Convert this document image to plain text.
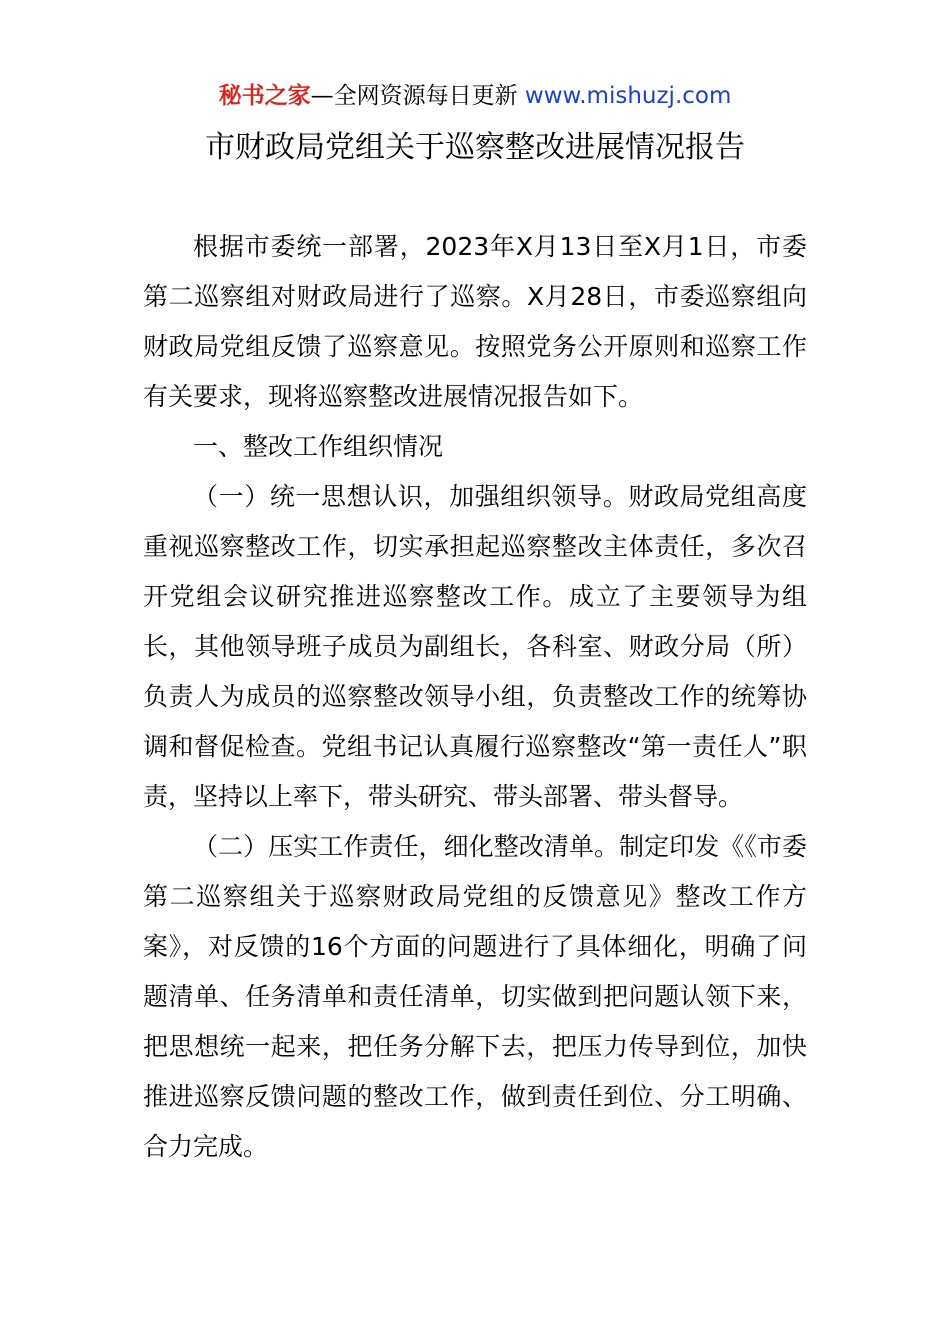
秘书之家—全网资源每日更新 www.mishuzj.com
市财政局党组关于巡察整改进展情况报告

根据市委统一部署，2023年X月13日至X月1日，市委第二巡察组对财政局进行了巡察。X月28日，市委巡察组向财政局党组反馈了巡察意见。按照党务公开原则和巡察工作有关要求，现将巡察整改进展情况报告如下。

一、整改工作组织情况

（一）统一思想认识，加强组织领导。财政局党组高度重视巡察整改工作，切实承担起巡察整改主体责任，多次召开党组会议研究推进巡察整改工作。成立了主要领导为组长，其他领导班子成员为副组长，各科室、财政分局（所）负责人为成员的巡察整改领导小组，负责整改工作的统筹协调和督促检查。党组书记认真履行巡察整改“第一责任人”职责，坚持以上率下，带头研究、带头部署、带头督导。

（二）压实工作责任，细化整改清单。制定印发《《市委第二巡察组关于巡察财政局党组的反馈意见》整改工作方案》，对反馈的16个方面的问题进行了具体细化，明确了问题清单、任务清单和责任清单，切实做到把问题认领下来，把思想统一起来，把任务分解下去，把压力传导到位，加快推进巡察反馈问题的整改工作，做到责任到位、分工明确、合力完成。
